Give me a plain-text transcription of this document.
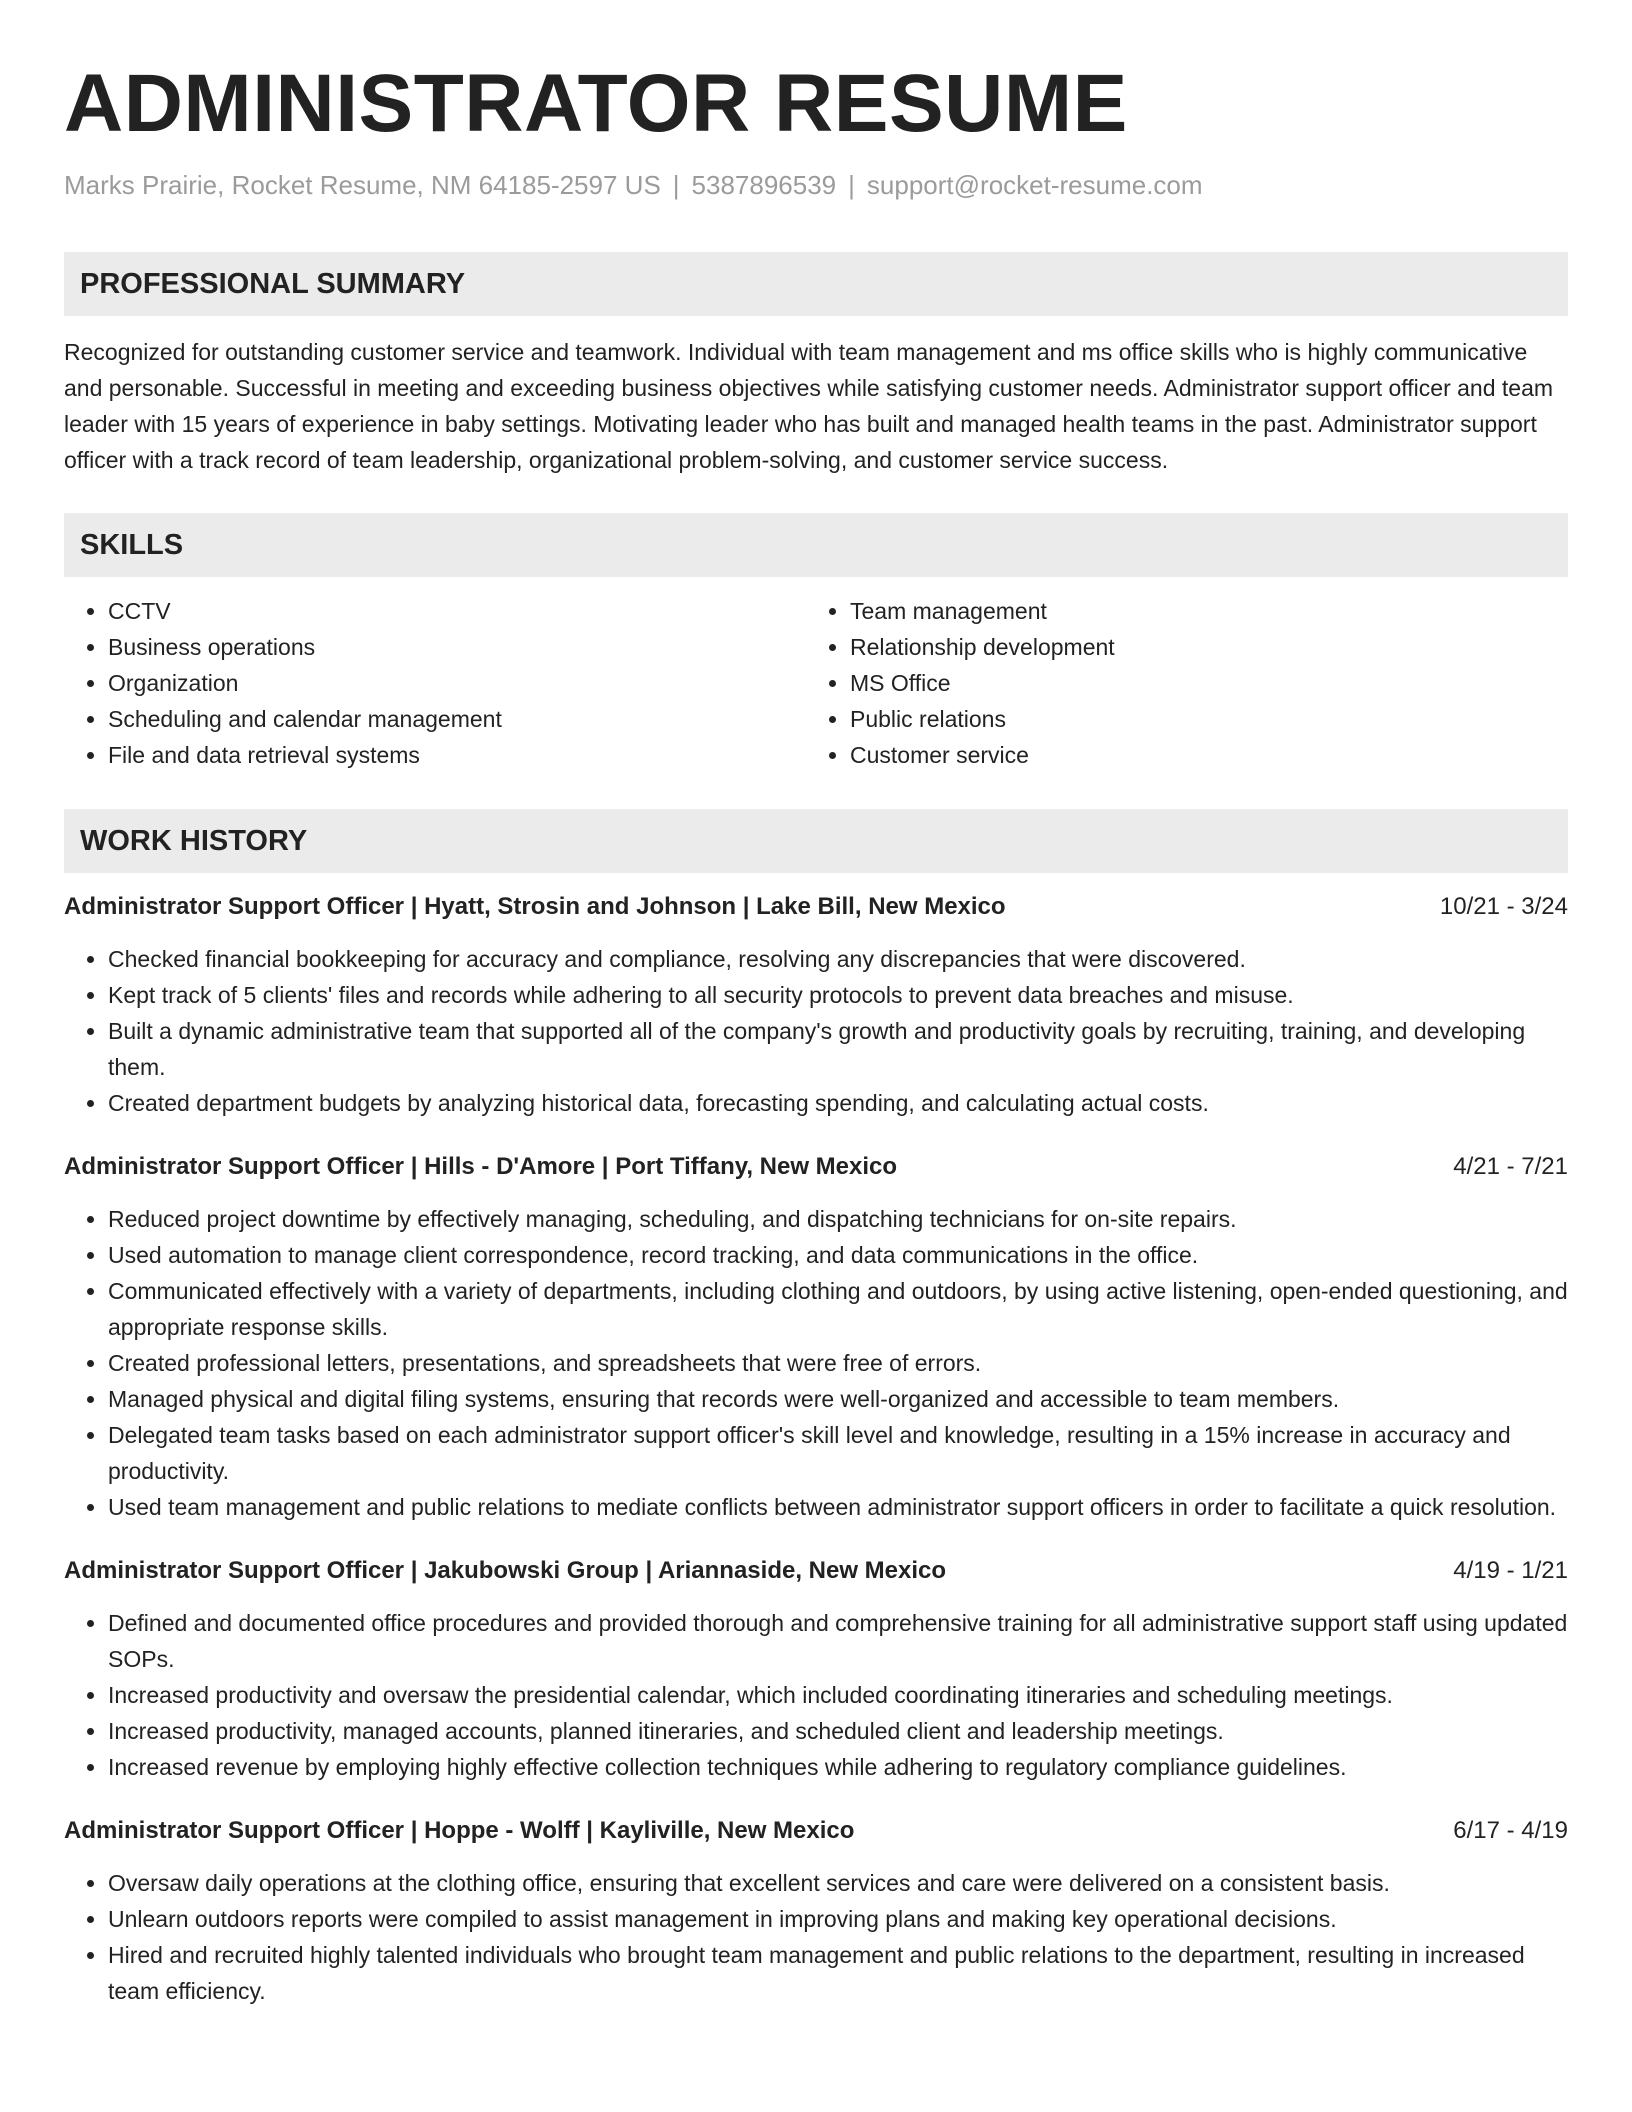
ADMINISTRATOR RESUME
Marks Prairie, Rocket Resume, NM 64185-2597 US | 5387896539 | support@rocket-resume.com
PROFESSIONAL SUMMARY
Recognized for outstanding customer service and teamwork. Individual with team management and ms office skills who is highly communicative and personable. Successful in meeting and exceeding business objectives while satisfying customer needs. Administrator support officer and team leader with 15 years of experience in baby settings. Motivating leader who has built and managed health teams in the past. Administrator support officer with a track record of team leadership, organizational problem-solving, and customer service success.
SKILLS
• CCTV
• Business operations
• Organization
• Scheduling and calendar management
• File and data retrieval systems
• Team management
• Relationship development
• MS Office
• Public relations
• Customer service
WORK HISTORY
Administrator Support Officer | Hyatt, Strosin and Johnson | Lake Bill, New Mexico	10/21 - 3/24
• Checked financial bookkeeping for accuracy and compliance, resolving any discrepancies that were discovered.
• Kept track of 5 clients' files and records while adhering to all security protocols to prevent data breaches and misuse.
• Built a dynamic administrative team that supported all of the company's growth and productivity goals by recruiting, training, and developing them.
• Created department budgets by analyzing historical data, forecasting spending, and calculating actual costs.
Administrator Support Officer | Hills - D'Amore | Port Tiffany, New Mexico	4/21 - 7/21
• Reduced project downtime by effectively managing, scheduling, and dispatching technicians for on-site repairs.
• Used automation to manage client correspondence, record tracking, and data communications in the office.
• Communicated effectively with a variety of departments, including clothing and outdoors, by using active listening, open-ended questioning, and appropriate response skills.
• Created professional letters, presentations, and spreadsheets that were free of errors.
• Managed physical and digital filing systems, ensuring that records were well-organized and accessible to team members.
• Delegated team tasks based on each administrator support officer's skill level and knowledge, resulting in a 15% increase in accuracy and productivity.
• Used team management and public relations to mediate conflicts between administrator support officers in order to facilitate a quick resolution.
Administrator Support Officer | Jakubowski Group | Ariannaside, New Mexico	4/19 - 1/21
• Defined and documented office procedures and provided thorough and comprehensive training for all administrative support staff using updated SOPs.
• Increased productivity and oversaw the presidential calendar, which included coordinating itineraries and scheduling meetings.
• Increased productivity, managed accounts, planned itineraries, and scheduled client and leadership meetings.
• Increased revenue by employing highly effective collection techniques while adhering to regulatory compliance guidelines.
Administrator Support Officer | Hoppe - Wolff | Kayliville, New Mexico	6/17 - 4/19
• Oversaw daily operations at the clothing office, ensuring that excellent services and care were delivered on a consistent basis.
• Unlearn outdoors reports were compiled to assist management in improving plans and making key operational decisions.
• Hired and recruited highly talented individuals who brought team management and public relations to the department, resulting in increased team efficiency.
